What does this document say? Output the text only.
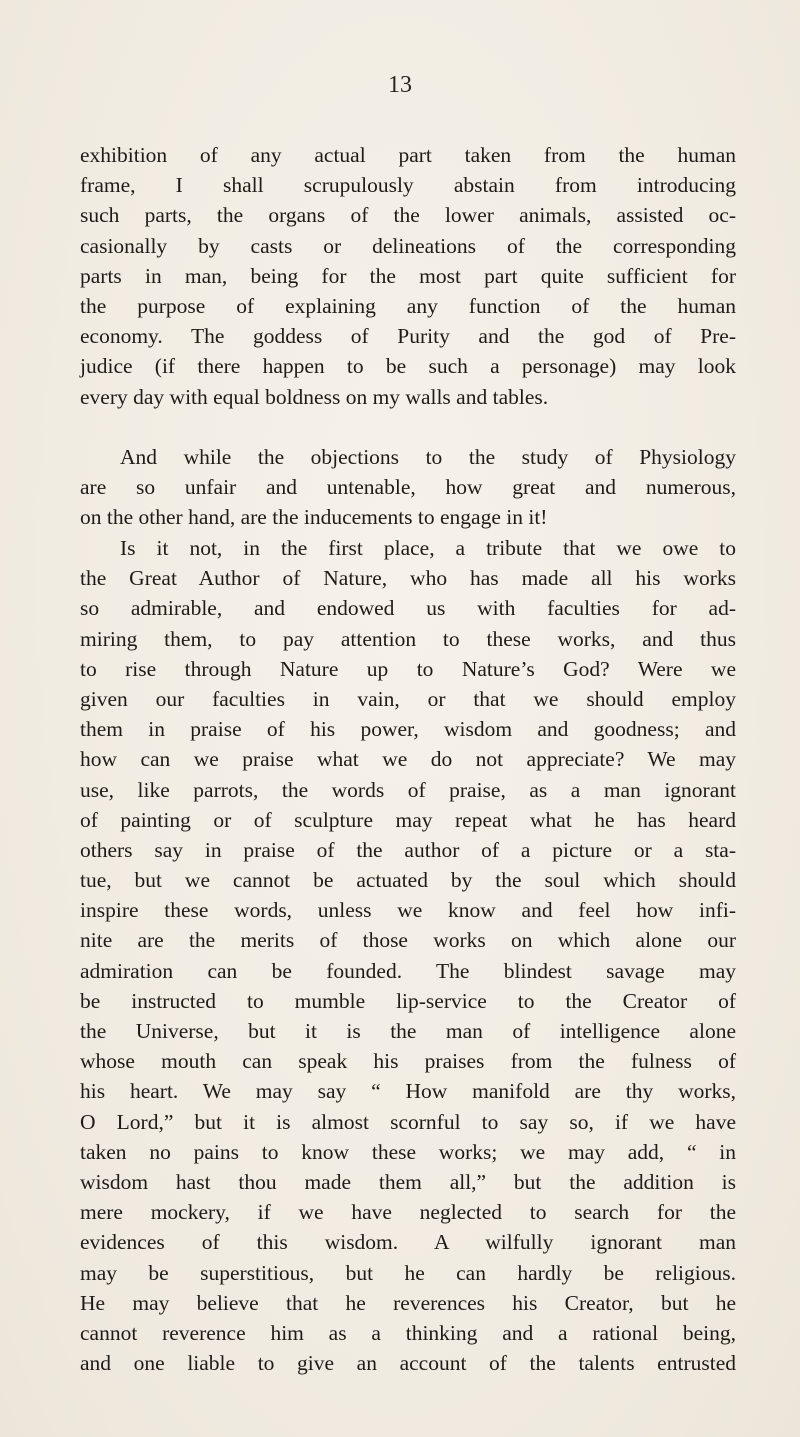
13
exhibition of any actual part taken from the human
frame, I shall scrupulously abstain from introducing
such parts, the organs of the lower animals, assisted oc-
casionally by casts or delineations of the corresponding
parts in man, being for the most part quite sufficient for
the purpose of explaining any function of the human
economy. The goddess of Purity and the god of Pre-
judice (if there happen to be such a personage) may look
every day with equal boldness on my walls and tables.
And while the objections to the study of Physiology
are so unfair and untenable, how great and numerous,
on the other hand, are the inducements to engage in it!
Is it not, in the first place, a tribute that we owe to
the Great Author of Nature, who has made all his works
so admirable, and endowed us with faculties for ad-
miring them, to pay attention to these works, and thus
to rise through Nature up to Nature’s God? Were we
given our faculties in vain, or that we should employ
them in praise of his power, wisdom and goodness; and
how can we praise what we do not appreciate? We may
use, like parrots, the words of praise, as a man ignorant
of painting or of sculpture may repeat what he has heard
others say in praise of the author of a picture or a sta-
tue, but we cannot be actuated by the soul which should
inspire these words, unless we know and feel how infi-
nite are the merits of those works on which alone our
admiration can be founded. The blindest savage may
be instructed to mumble lip-service to the Creator of
the Universe, but it is the man of intelligence alone
whose mouth can speak his praises from the fulness of
his heart. We may say “ How manifold are thy works,
O Lord,” but it is almost scornful to say so, if we have
taken no pains to know these works; we may add, “ in
wisdom hast thou made them all,” but the addition is
mere mockery, if we have neglected to search for the
evidences of this wisdom. A wilfully ignorant man
may be superstitious, but he can hardly be religious.
He may believe that he reverences his Creator, but he
cannot reverence him as a thinking and a rational being,
and one liable to give an account of the talents entrusted
